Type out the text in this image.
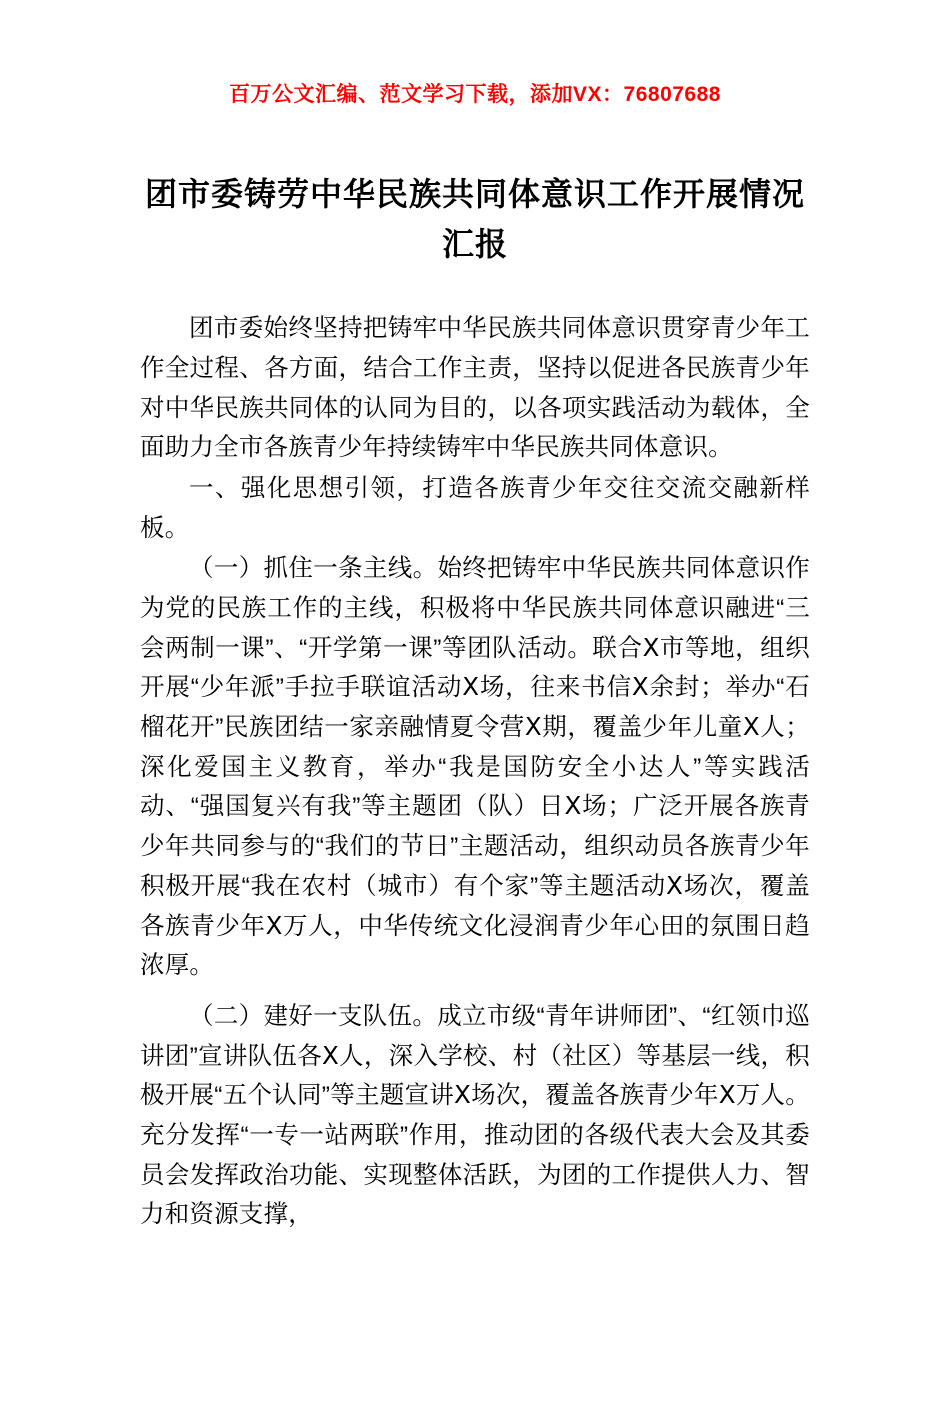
百万公文汇编、范文学习下载，添加VX：76807688
团市委铸劳中华民族共同体意识工作开展情况汇报

团市委始终坚持把铸牢中华民族共同体意识贯穿青少年工作全过程、各方面，结合工作主责，坚持以促进各民族青少年对中华民族共同体的认同为目的，以各项实践活动为载体，全面助力全市各族青少年持续铸牢中华民族共同体意识。

一、强化思想引领，打造各族青少年交往交流交融新样板。

（一）抓住一条主线。始终把铸牢中华民族共同体意识作为党的民族工作的主线，积极将中华民族共同体意识融进“三会两制一课”、“开学第一课”等团队活动。联合Ⅹ市等地，组织开展“少年派”手拉手联谊活动Ⅹ场，往来书信Ⅹ余封；举办“石榴花开”民族团结一家亲融情夏令营Ⅹ期，覆盖少年儿童Ⅹ人；深化爱国主义教育，举办“我是国防安全小达人”等实践活动、“强国复兴有我”等主题团（队）日Ⅹ场；广泛开展各族青少年共同参与的“我们的节日”主题活动，组织动员各族青少年积极开展“我在农村（城市）有个家”等主题活动Ⅹ场次，覆盖各族青少年Ⅹ万人，中华传统文化浸润青少年心田的氛围日趋浓厚。

（二）建好一支队伍。成立市级“青年讲师团”、“红领巾巡讲团”宣讲队伍各Ⅹ人，深入学校、村（社区）等基层一线，积极开展“五个认同”等主题宣讲Ⅹ场次，覆盖各族青少年Ⅹ万人。充分发挥“一专一站两联”作用，推动团的各级代表大会及其委员会发挥政治功能、实现整体活跃，为团的工作提供人力、智力和资源支撑，
